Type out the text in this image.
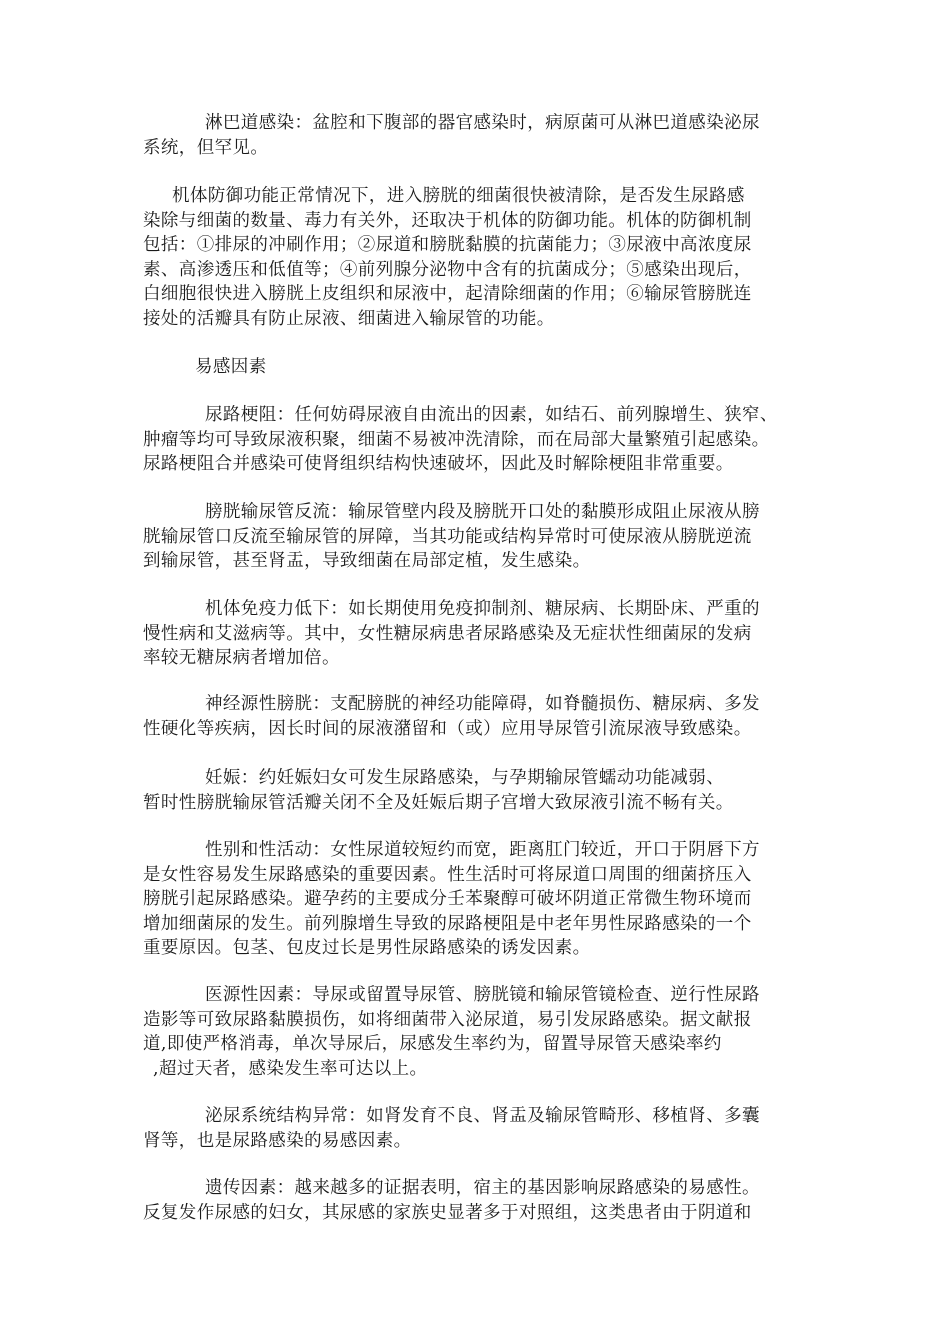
淋巴道感染：盆腔和下腹部的器官感染时，病原菌可从淋巴道感染泌尿
系统，但罕见。

机体防御功能正常情况下，进入膀胱的细菌很快被清除，是否发生尿路感
染除与细菌的数量、毒力有关外，还取决于机体的防御功能。机体的防御机制
包括：①排尿的冲刷作用；②尿道和膀胱黏膜的抗菌能力；③尿液中高浓度尿
素、高渗透压和低值等；④前列腺分泌物中含有的抗菌成分；⑤感染出现后，
白细胞很快进入膀胱上皮组织和尿液中，起清除细菌的作用；⑥输尿管膀胱连
接处的活瓣具有防止尿液、细菌进入输尿管的功能。

易感因素

尿路梗阻：任何妨碍尿液自由流出的因素，如结石、前列腺增生、狭窄、
肿瘤等均可导致尿液积聚，细菌不易被冲洗清除，而在局部大量繁殖引起感染。
尿路梗阻合并感染可使肾组织结构快速破坏，因此及时解除梗阻非常重要。

膀胱输尿管反流：输尿管壁内段及膀胱开口处的黏膜形成阻止尿液从膀
胱输尿管口反流至输尿管的屏障，当其功能或结构异常时可使尿液从膀胱逆流
到输尿管，甚至肾盂，导致细菌在局部定植，发生感染。

机体免疫力低下：如长期使用免疫抑制剂、糖尿病、长期卧床、严重的
慢性病和艾滋病等。其中，女性糖尿病患者尿路感染及无症状性细菌尿的发病
率较无糖尿病者增加倍。

神经源性膀胱：支配膀胱的神经功能障碍，如脊髓损伤、糖尿病、多发
性硬化等疾病，因长时间的尿液潴留和（或）应用导尿管引流尿液导致感染。

妊娠：约妊娠妇女可发生尿路感染，与孕期输尿管蠕动功能减弱、
暂时性膀胱输尿管活瓣关闭不全及妊娠后期子宫增大致尿液引流不畅有关。

性别和性活动：女性尿道较短约而宽，距离肛门较近，开口于阴唇下方
是女性容易发生尿路感染的重要因素。性生活时可将尿道口周围的细菌挤压入
膀胱引起尿路感染。避孕药的主要成分壬苯聚醇可破坏阴道正常微生物环境而
增加细菌尿的发生。前列腺增生导致的尿路梗阻是中老年男性尿路感染的一个
重要原因。包茎、包皮过长是男性尿路感染的诱发因素。

医源性因素：导尿或留置导尿管、膀胱镜和输尿管镜检查、逆行性尿路
造影等可致尿路黏膜损伤，如将细菌带入泌尿道，易引发尿路感染。据文献报
道,即使严格消毒，单次导尿后，尿感发生率约为，留置导尿管天感染率约
,超过天者，感染发生率可达以上。

泌尿系统结构异常：如肾发育不良、肾盂及输尿管畸形、移植肾、多囊
肾等，也是尿路感染的易感因素。

遗传因素：越来越多的证据表明，宿主的基因影响尿路感染的易感性。
反复发作尿感的妇女，其尿感的家族史显著多于对照组，这类患者由于阴道和
